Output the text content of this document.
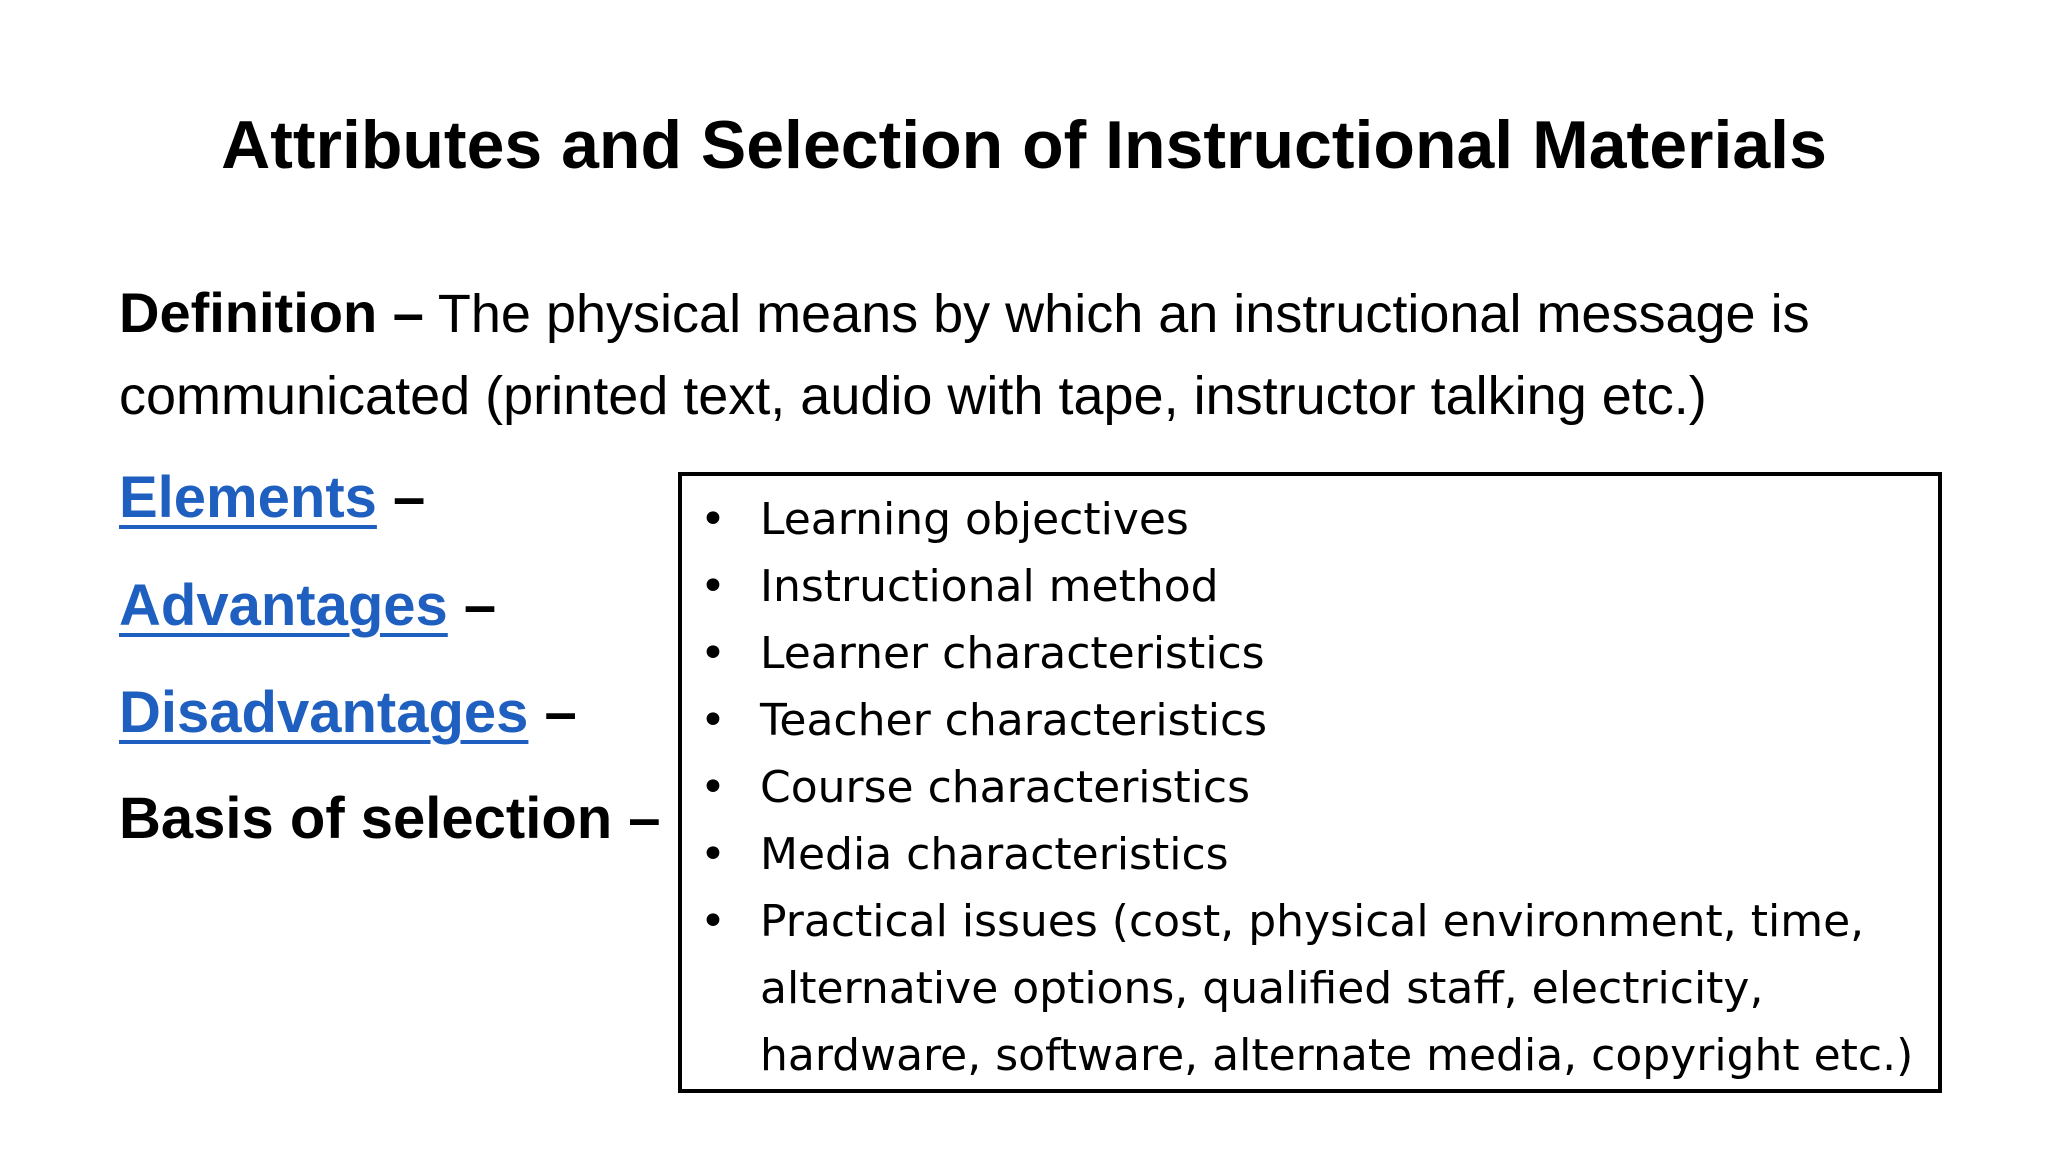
Attributes and Selection of Instructional Materials
Definition – The physical means by which an instructional message is communicated (printed text, audio with tape, instructor talking etc.)
Elements –
Advantages –
Disadvantages –
Basis of selection –
• Learning objectives
• Instructional method
• Learner characteristics
• Teacher characteristics
• Course characteristics
• Media characteristics
• Practical issues (cost, physical environment, time, alternative options, qualified staff, electricity, hardware, software, alternate media, copyright etc.)
